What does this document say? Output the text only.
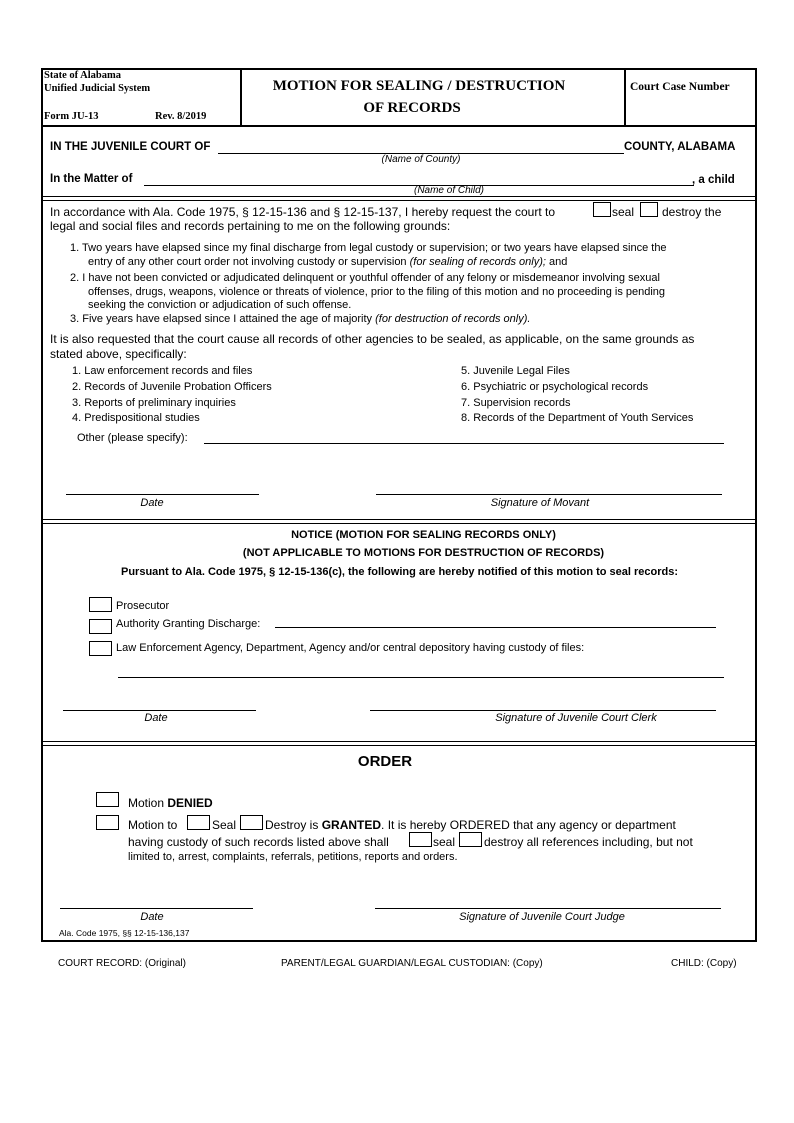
State of Alabama
Unified Judicial System
Form JU-13	Rev. 8/2019
MOTION FOR SEALING / DESTRUCTION
OF RECORDS
Court Case Number
IN THE JUVENILE COURT OF	COUNTY, ALABAMA
(Name of County)
In the Matter of	, a child
(Name of Child)
In accordance with Ala. Code 1975, § 12-15-136 and § 12-15-137, I hereby request the court to	seal destroy the
legal and social files and records pertaining to me on the following grounds:
1. Two years have elapsed since my final discharge from legal custody or supervision; or two years have elapsed since the
entry of any other court order not involving custody or supervision (for sealing of records only); and
2. I have not been convicted or adjudicated delinquent or youthful offender of any felony or misdemeanor involving sexual
offenses, drugs, weapons, violence or threats of violence, prior to the filing of this motion and no proceeding is pending
seeking the conviction or adjudication of such offense.
3. Five years have elapsed since I attained the age of majority (for destruction of records only).
It is also requested that the court cause all records of other agencies to be sealed, as applicable, on the same grounds as
stated above, specifically:
1. Law enforcement records and files
2. Records of Juvenile Probation Officers
3. Reports of preliminary inquiries
4. Predispositional studies
5. Juvenile Legal Files
6. Psychiatric or psychological records
7. Supervision records
8. Records of the Department of Youth Services
Other (please specify):
Date	Signature of Movant
NOTICE (MOTION FOR SEALING RECORDS ONLY)
(NOT APPLICABLE TO MOTIONS FOR DESTRUCTION OF RECORDS)
Pursuant to Ala. Code 1975, § 12-15-136(c), the following are hereby notified of this motion to seal records:
Prosecutor
Authority Granting Discharge:
Law Enforcement Agency, Department, Agency and/or central depository having custody of files:
Date	Signature of Juvenile Court Clerk
ORDER
Motion DENIED
Motion to	Seal Destroy is GRANTED. It is hereby ORDERED that any agency or department
having custody of such records listed above shall	seal destroy all references including, but not
limited to, arrest, complaints, referrals, petitions, reports and orders.
Date	Signature of Juvenile Court Judge
Ala. Code 1975, §§ 12-15-136,137
COURT RECORD: (Original)	PARENT/LEGAL GUARDIAN/LEGAL CUSTODIAN: (Copy)	CHILD: (Copy)
